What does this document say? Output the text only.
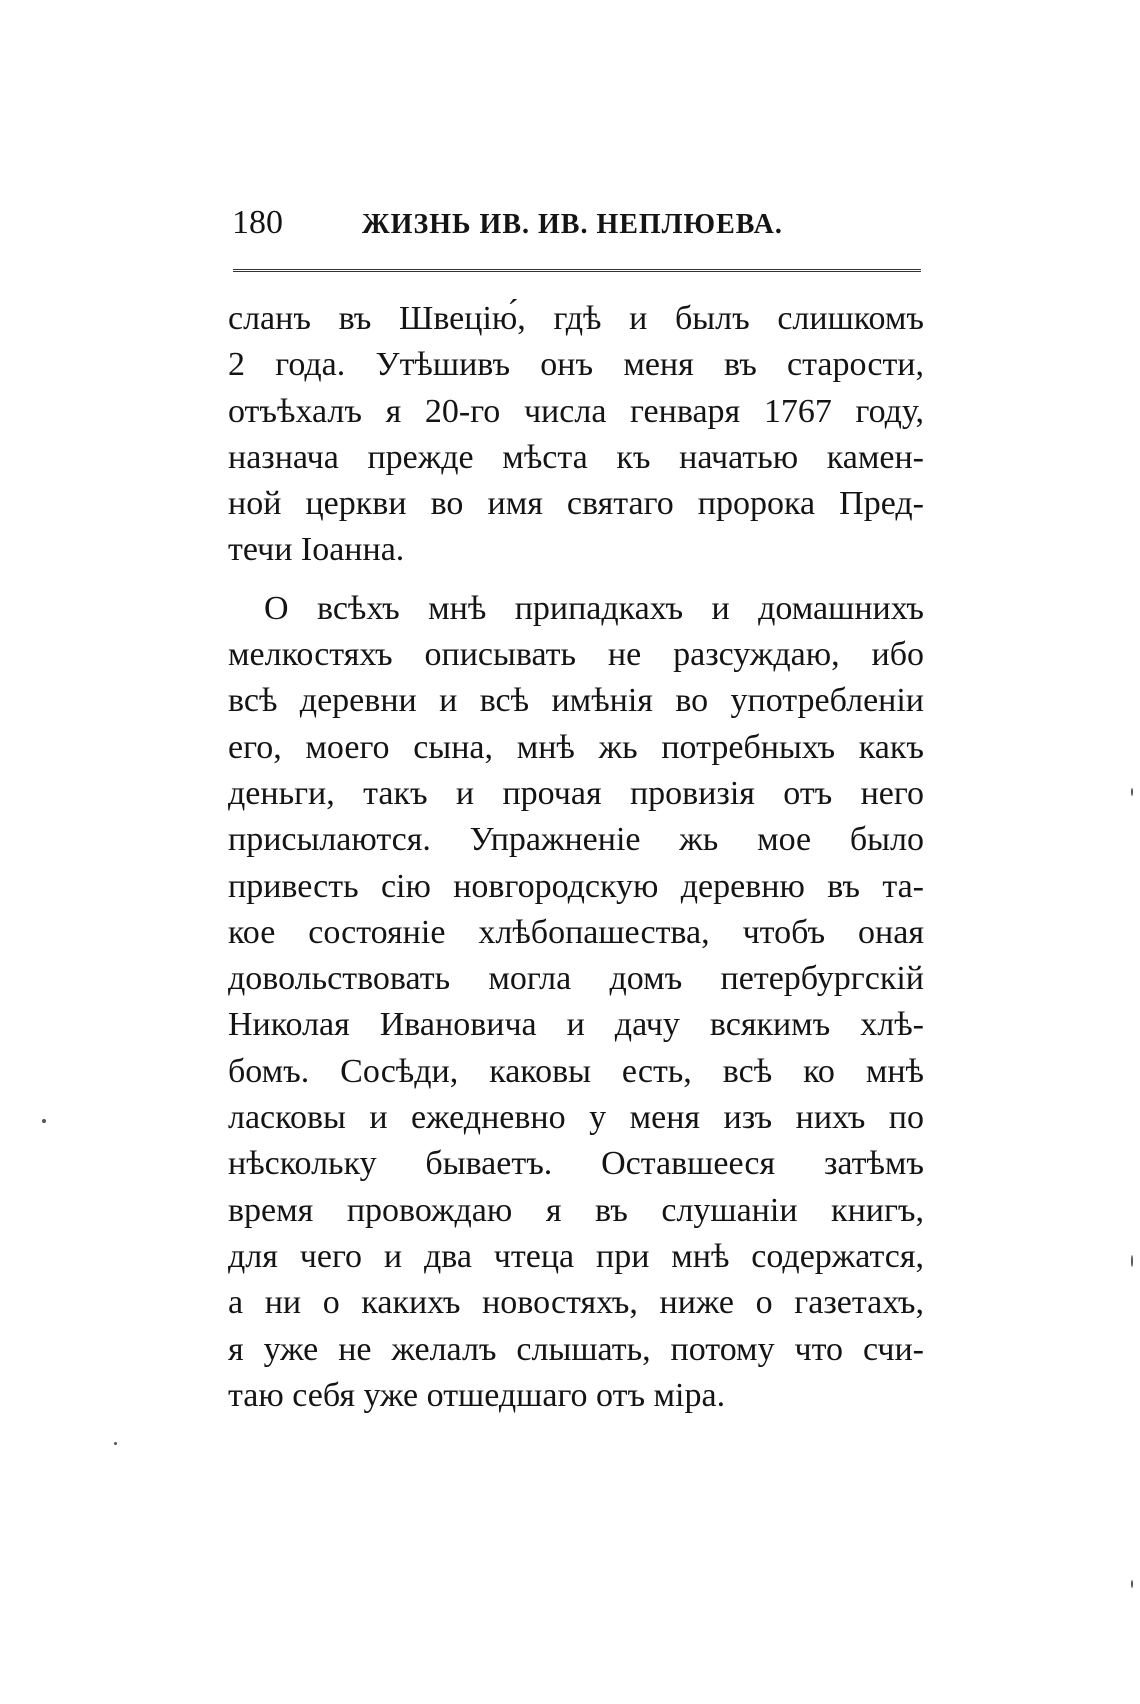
180	ЖИЗНЬ ИВ. ИВ. НЕПЛЮЕВА.
сланъ въ Швецію́, гдѣ и былъ слишкомъ
2 года. Утѣшивъ онъ меня въ старости,
отъѣхалъ я 20-го числа генваря 1767 году,
назнача прежде мѣста къ начатью камен-
ной церкви во имя святаго пророка Пред-
течи Іоанна.
О всѣхъ мнѣ припадкахъ и домашнихъ
мелкостяхъ описывать не разсуждаю, ибо
всѣ деревни и всѣ имѣнія во употребленіи
его, моего сына, мнѣ жь потребныхъ какъ
деньги, такъ и прочая провизія отъ него
присылаются. Упражненіе жь мое было
привесть сію новгородскую деревню въ та-
кое состояніе хлѣбопашества, чтобъ оная
довольствовать могла домъ петербургскій
Николая Ивановича и дачу всякимъ хлѣ-
бомъ. Сосѣди, каковы есть, всѣ ко мнѣ
ласковы и ежедневно у меня изъ нихъ по
нѣскольку бываетъ. Оставшееся затѣмъ
время провождаю я въ слушаніи книгъ,
для чего и два чтеца при мнѣ содержатся,
а ни о какихъ новостяхъ, ниже о газетахъ,
я уже не желалъ слышать, потому что счи-
таю себя уже отшедшаго отъ міра.
